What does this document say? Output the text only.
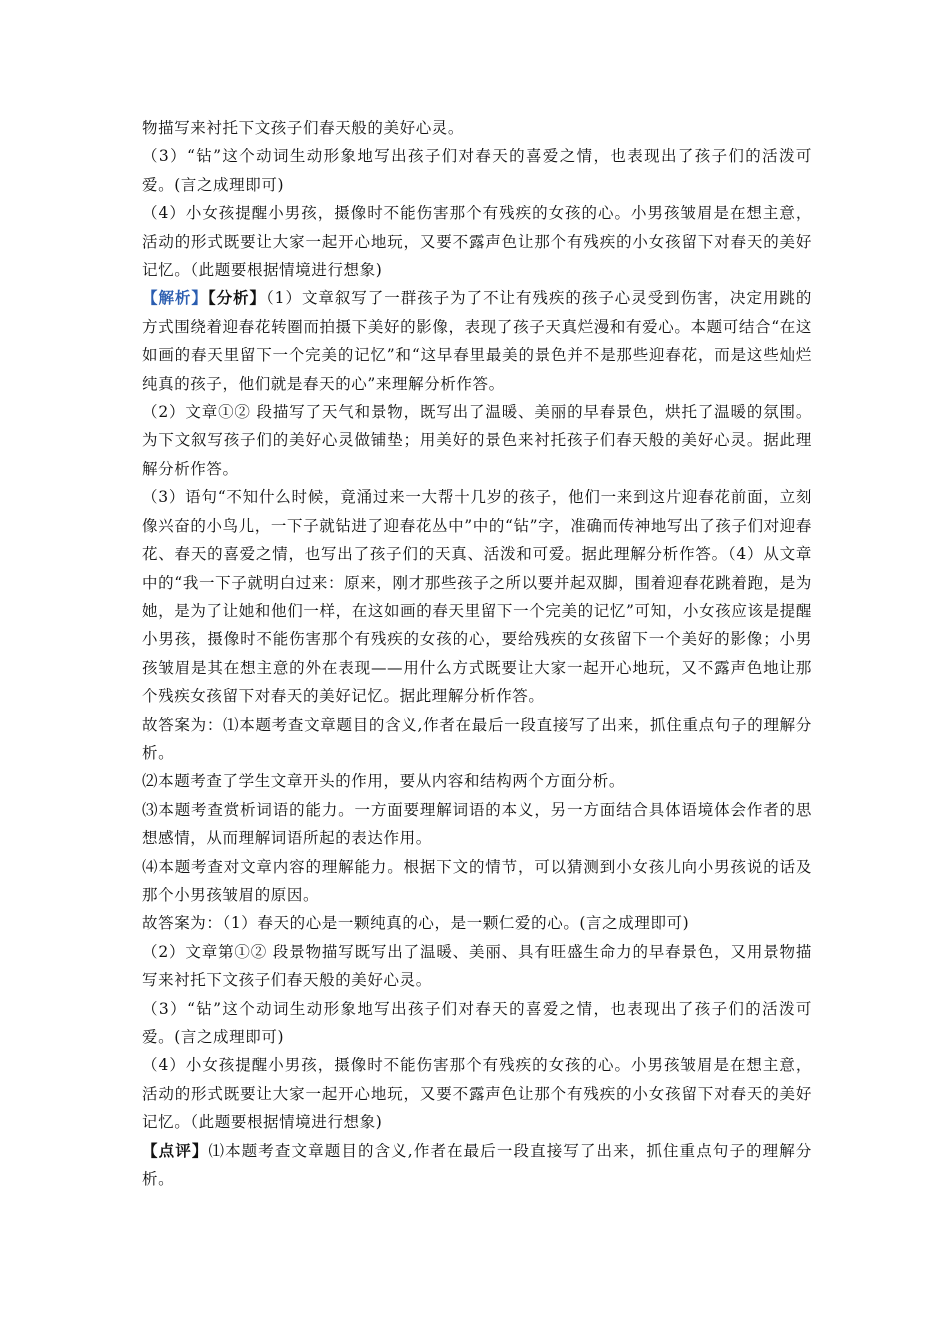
物描写来衬托下文孩子们春天般的美好心灵。

（3）“钻”这个动词生动形象地写出孩子们对春天的喜爱之情，也表现出了孩子们的活泼可爱。(言之成理即可)

（4）小女孩提醒小男孩，摄像时不能伤害那个有残疾的女孩的心。小男孩皱眉是在想主意，活动的形式既要让大家一起开心地玩，又要不露声色让那个有残疾的小女孩留下对春天的美好记忆。（此题要根据情境进行想象)

【解析】【分析】（1）文章叙写了一群孩子为了不让有残疾的孩子心灵受到伤害，决定用跳的方式围绕着迎春花转圈而拍摄下美好的影像，表现了孩子天真烂漫和有爱心。本题可结合“在这如画的春天里留下一个完美的记忆”和“这早春里最美的景色并不是那些迎春花，而是这些灿烂纯真的孩子，他们就是春天的心”来理解分析作答。

（2）文章①② 段描写了天气和景物，既写出了温暖、美丽的早春景色，烘托了温暖的氛围。为下文叙写孩子们的美好心灵做铺垫；用美好的景色来衬托孩子们春天般的美好心灵。据此理解分析作答。

（3）语句“不知什么时候，竟涌过来一大帮十几岁的孩子，他们一来到这片迎春花前面，立刻像兴奋的小鸟儿，一下子就钻进了迎春花丛中”中的“钻”字，准确而传神地写出了孩子们对迎春花、春天的喜爱之情，也写出了孩子们的天真、活泼和可爱。据此理解分析作答。（4）从文章中的“我一下子就明白过来：原来，刚才那些孩子之所以要并起双脚，围着迎春花跳着跑，是为她，是为了让她和他们一样，在这如画的春天里留下一个完美的记忆”可知，小女孩应该是提醒小男孩，摄像时不能伤害那个有残疾的女孩的心，要给残疾的女孩留下一个美好的影像；小男孩皱眉是其在想主意的外在表现——用什么方式既要让大家一起开心地玩，又不露声色地让那个残疾女孩留下对春天的美好记忆。据此理解分析作答。

故答案为：⑴本题考查文章题目的含义,作者在最后一段直接写了出来，抓住重点句子的理解分析。

⑵本题考查了学生文章开头的作用，要从内容和结构两个方面分析。

⑶本题考查赏析词语的能力。一方面要理解词语的本义，另一方面结合具体语境体会作者的思想感情，从而理解词语所起的表达作用。

⑷本题考查对文章内容的理解能力。根据下文的情节，可以猜测到小女孩儿向小男孩说的话及那个小男孩皱眉的原因。

故答案为：（1）春天的心是一颗纯真的心，是一颗仁爱的心。(言之成理即可)

（2）文章第①② 段景物描写既写出了温暖、美丽、具有旺盛生命力的早春景色，又用景物描写来衬托下文孩子们春天般的美好心灵。

（3）“钻”这个动词生动形象地写出孩子们对春天的喜爱之情，也表现出了孩子们的活泼可爱。(言之成理即可)

（4）小女孩提醒小男孩，摄像时不能伤害那个有残疾的女孩的心。小男孩皱眉是在想主意，活动的形式既要让大家一起开心地玩，又要不露声色让那个有残疾的小女孩留下对春天的美好记忆。（此题要根据情境进行想象)

【点评】⑴本题考查文章题目的含义,作者在最后一段直接写了出来，抓住重点句子的理解分析。
